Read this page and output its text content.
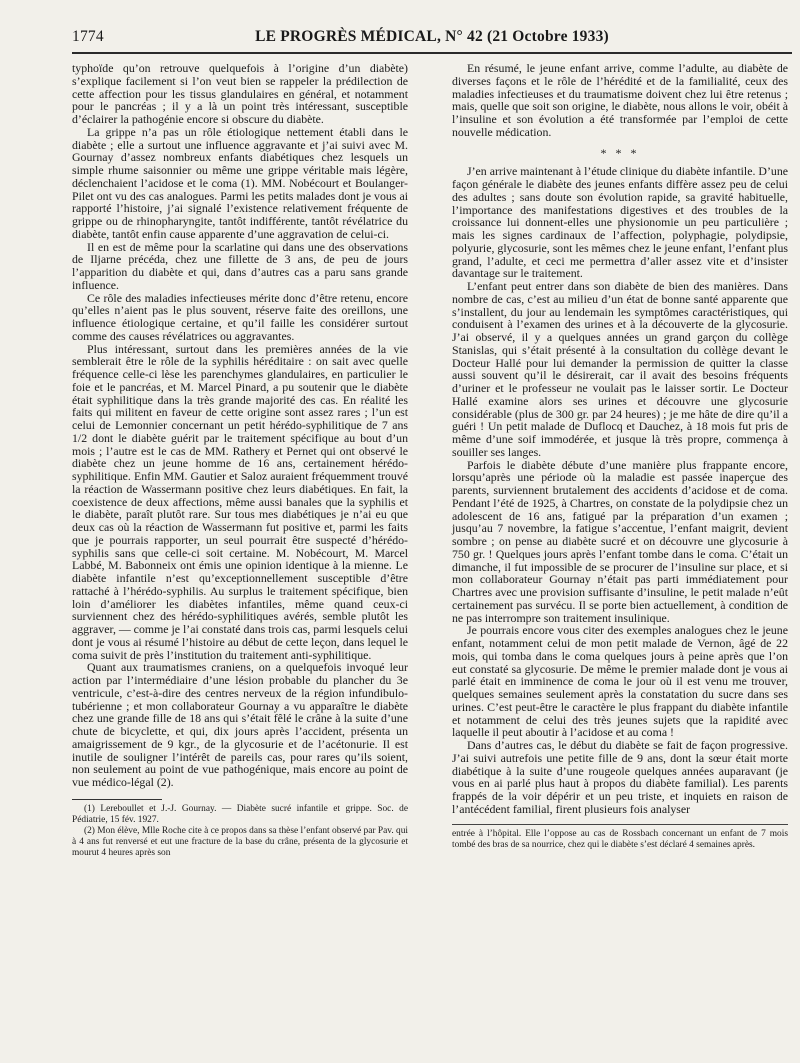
1774	LE PROGRÈS MÉDICAL, N° 42 (21 Octobre 1933)

typhoïde qu’on retrouve quelquefois à l’origine d’un diabète) s’explique facilement si l’on veut bien se rappeler la prédilection de cette affection pour les tissus glandulaires en général, et notamment pour le pancréas ; il y a là un point très intéressant, susceptible d’éclairer la pathogénie encore si obscure du diabète.

La grippe n’a pas un rôle étiologique nettement établi dans le diabète ; elle a surtout une influence aggravante et j’ai suivi avec M. Gournay d’assez nombreux enfants diabétiques chez lesquels un simple rhume saisonnier ou même une grippe véritable mais légère, déclenchaient l’acidose et le coma (1). MM. Nobécourt et Boulanger-Pilet ont vu des cas analogues. Parmi les petits malades dont je vous ai rapporté l’histoire, j’ai signalé l’existence relativement fréquente de grippe ou de rhinopharyngite, tantôt indifférente, tantôt révélatrice du diabète, tantôt enfin cause apparente d’une aggravation de celui-ci.

Il en est de même pour la scarlatine qui dans une des observations de Iljarne précéda, chez une fillette de 3 ans, de peu de jours l’apparition du diabète et qui, dans d’autres cas a paru sans grande influence.

Ce rôle des maladies infectieuses mérite donc d’être retenu, encore qu’elles n’aient pas le plus souvent, réserve faite des oreillons, une influence étiologique certaine, et qu’il faille les considérer surtout comme des causes révélatrices ou aggravantes.

Plus intéressant, surtout dans les premières années de la vie semblerait être le rôle de la syphilis héréditaire : on sait avec quelle fréquence celle-ci lèse les parenchymes glandulaires, en particulier le foie et le pancréas, et M. Marcel Pinard, a pu soutenir que le diabète était syphilitique dans la très grande majorité des cas. En réalité les faits qui militent en faveur de cette origine sont assez rares ; l’un est celui de Lemonnier concernant un petit hérédo-syphilitique de 7 ans 1/2 dont le diabète guérit par le traitement spécifique au bout d’un mois ; l’autre est le cas de MM. Rathery et Pernet qui ont observé le diabète chez un jeune homme de 16 ans, certainement hérédo-syphilitique. Enfin MM. Gautier et Saloz auraient fréquemment trouvé la réaction de Wassermann positive chez leurs diabétiques. En fait, la coexistence de deux affections, même aussi banales que la syphilis et le diabète, paraît plutôt rare. Sur tous mes diabétiques je n’ai eu que deux cas où la réaction de Wassermann fut positive et, parmi les faits que je pourrais rapporter, un seul pourrait être suspecté d’hérédo-syphilis sans que celle-ci soit certaine. M. Nobécourt, M. Marcel Labbé, M. Babonneix ont émis une opinion identique à la mienne. Le diabète infantile n’est qu’exceptionnellement susceptible d’être rattaché à l’hérédo-syphilis. Au surplus le traitement spécifique, bien loin d’améliorer les diabètes infantiles, même quand ceux-ci surviennent chez des hérédo-syphilitiques avérés, semble plutôt les aggraver, — comme je l’ai constaté dans trois cas, parmi lesquels celui dont je vous ai résumé l’histoire au début de cette leçon, dans lequel le coma suivit de près l’institution du traitement anti-syphilitique.

Quant aux traumatismes craniens, on a quelquefois invoqué leur action par l’intermédiaire d’une lésion probable du plancher du 3e ventricule, c’est-à-dire des centres nerveux de la région infundibulo-tubérienne ; et mon collaborateur Gournay a vu apparaître le diabète chez une grande fille de 18 ans qui s’était fêlé le crâne à la suite d’une chute de bicyclette, et qui, dix jours après l’accident, présenta un amaigrissement de 9 kgr., de la glycosurie et de l’acétonurie. Il est inutile de souligner l’intérêt de pareils cas, pour rares qu’ils soient, non seulement au point de vue pathogénique, mais encore au point de vue médico-légal (2).

(1) Lereboullet et J.-J. Gournay. — Diabète sucré infantile et grippe. Soc. de Pédiatrie, 15 fév. 1927.

(2) Mon élève, Mlle Roche cite à ce propos dans sa thèse l’enfant observé par Pav. qui à 4 ans fut renversé et eut une fracture de la base du crâne, présenta de la glycosurie et mourut 4 heures après son

En résumé, le jeune enfant arrive, comme l’adulte, au diabète de diverses façons et le rôle de l’hérédité et de la familialité, ceux des maladies infectieuses et du traumatisme doivent chez lui être retenus ; mais, quelle que soit son origine, le diabète, nous allons le voir, obéit à l’insuline et son évolution a été transformée par l’emploi de cette nouvelle médication.

* * *

J’en arrive maintenant à l’étude clinique du diabète infantile. D’une façon générale le diabète des jeunes enfants diffère assez peu de celui des adultes ; sans doute son évolution rapide, sa gravité habituelle, l’importance des manifestations digestives et des troubles de la croissance lui donnent-elles une physionomie un peu particulière ; mais les signes cardinaux de l’affection, polyphagie, polydipsie, polyurie, glycosurie, sont les mêmes chez le jeune enfant, l’enfant plus grand, l’adulte, et ceci me permettra d’aller assez vite et d’insister davantage sur le traitement.

L’enfant peut entrer dans son diabète de bien des manières. Dans nombre de cas, c’est au milieu d’un état de bonne santé apparente que s’installent, du jour au lendemain les symptômes caractéristiques, qui conduisent à l’examen des urines et à la découverte de la glycosurie. J’ai observé, il y a quelques années un grand garçon du collège Stanislas, qui s’était présenté à la consultation du collège devant le Docteur Hallé pour lui demander la permission de quitter la classe aussi souvent qu’il le désirerait, car il avait des besoins fréquents d’uriner et le professeur ne voulait pas le laisser sortir. Le Docteur Hallé examine alors ses urines et découvre une glycosurie considérable (plus de 300 gr. par 24 heures) ; je me hâte de dire qu’il a guéri ! Un petit malade de Duflocq et Dauchez, à 18 mois fut pris de même d’une soif immodérée, et jusque là très propre, commença à souiller ses langes.

Parfois le diabète débute d’une manière plus frappante encore, lorsqu’après une période où la maladie est passée inaperçue des parents, surviennent brutalement des accidents d’acidose et de coma. Pendant l’été de 1925, à Chartres, on constate de la polydipsie chez un adolescent de 16 ans, fatigué par la préparation d’un examen ; jusqu’au 7 novembre, la fatigue s’accentue, l’enfant maigrit, devient sombre ; on pense au diabète sucré et on découvre une glycosurie à 750 gr. ! Quelques jours après l’enfant tombe dans le coma. C’était un dimanche, il fut impossible de se procurer de l’insuline sur place, et si mon collaborateur Gournay n’était pas parti immédiatement pour Chartres avec une provision suffisante d’insuline, le petit malade n’eût certainement pas survécu. Il se porte bien actuellement, à condition de ne pas interrompre son traitement insulinique.

Je pourrais encore vous citer des exemples analogues chez le jeune enfant, notamment celui de mon petit malade de Vernon, âgé de 22 mois, qui tomba dans le coma quelques jours à peine après que l’on eut constaté sa glycosurie. De même le premier malade dont je vous ai parlé était en imminence de coma le jour où il est venu me trouver, quelques semaines seulement après la constatation du sucre dans ses urines. C’est peut-être le caractère le plus frappant du diabète infantile et notamment de celui des très jeunes sujets que la rapidité avec laquelle il peut aboutir à l’acidose et au coma !

Dans d’autres cas, le début du diabète se fait de façon progressive. J’ai suivi autrefois une petite fille de 9 ans, dont la sœur était morte diabétique à la suite d’une rougeole quelques années auparavant (je vous en ai parlé plus haut à propos du diabète familial). Les parents frappés de la voir dépérir et un peu triste, et inquiets en raison de l’antécédent familial, firent plusieurs fois analyser

entrée à l’hôpital. Elle l’oppose au cas de Rossbach concernant un enfant de 7 mois tombé des bras de sa nourrice, chez qui le diabète s’est déclaré 4 semaines après.
